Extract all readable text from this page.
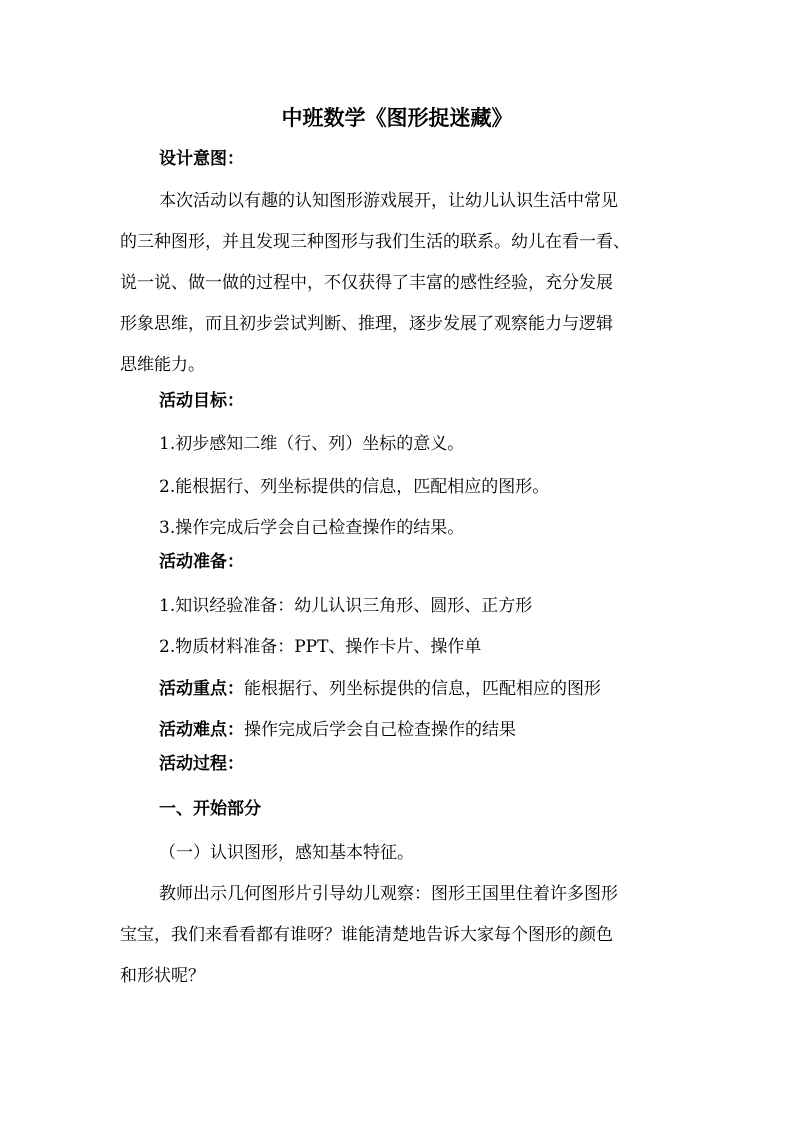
中班数学《图形捉迷藏》
设计意图：
本次活动以有趣的认知图形游戏展开，让幼儿认识生活中常见
的三种图形，并且发现三种图形与我们生活的联系。幼儿在看一看、
说一说、做一做的过程中，不仅获得了丰富的感性经验，充分发展
形象思维，而且初步尝试判断、推理，逐步发展了观察能力与逻辑
思维能力。
活动目标：
1.初步感知二维（行、列）坐标的意义。
2.能根据行、列坐标提供的信息，匹配相应的图形。
3.操作完成后学会自己检查操作的结果。
活动准备：
1.知识经验准备：幼儿认识三角形、圆形、正方形
2.物质材料准备：PPT、操作卡片、操作单
活动重点：能根据行、列坐标提供的信息，匹配相应的图形
活动难点：操作完成后学会自己检查操作的结果
活动过程：
一、开始部分
（一）认识图形，感知基本特征。
教师出示几何图形片引导幼儿观察：图形王国里住着许多图形
宝宝，我们来看看都有谁呀？谁能清楚地告诉大家每个图形的颜色
和形状呢？
